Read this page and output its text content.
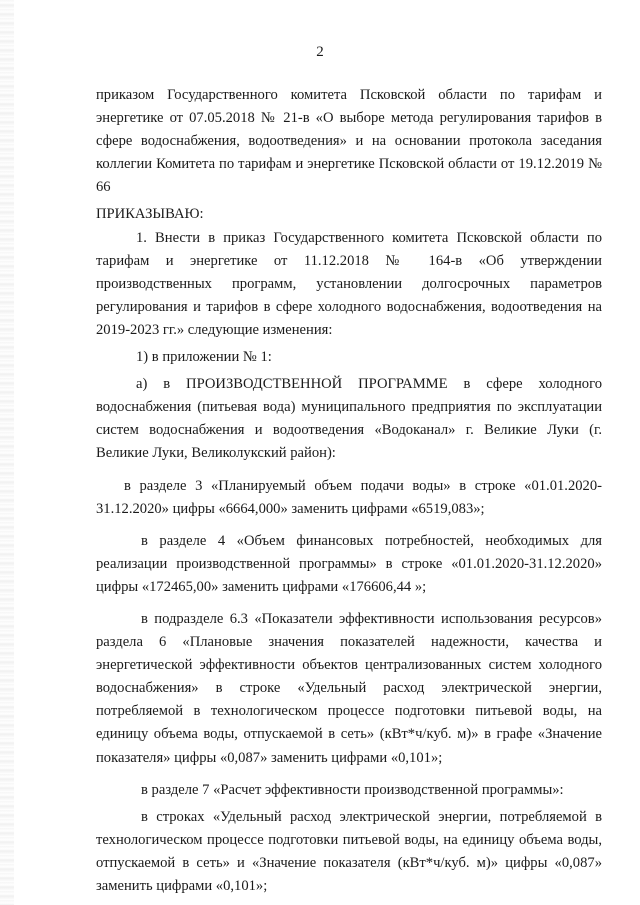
2

приказом Государственного комитета Псковской области по тарифам и энергетике от 07.05.2018 № 21-в «О выборе метода регулирования тарифов в сфере водоснабжения, водоотведения» и на основании протокола заседания коллегии Комитета по тарифам и энергетике Псковской области от 19.12.2019 № 66

ПРИКАЗЫВАЮ:

1. Внести в приказ Государственного комитета Псковской области по тарифам и энергетике от 11.12.2018 № 164-в «Об утверждении производственных программ, установлении долгосрочных параметров регулирования и тарифов в сфере холодного водоснабжения, водоотведения на 2019-2023 гг.» следующие изменения:

1) в приложении № 1:

а) в ПРОИЗВОДСТВЕННОЙ ПРОГРАММЕ в сфере холодного водоснабжения (питьевая вода) муниципального предприятия по эксплуатации систем водоснабжения и водоотведения «Водоканал» г. Великие Луки (г. Великие Луки, Великолукский район):

в разделе 3 «Планируемый объем подачи воды» в строке «01.01.2020-31.12.2020» цифры «6664,000» заменить цифрами «6519,083»;

в разделе 4 «Объем финансовых потребностей, необходимых для реализации производственной программы» в строке «01.01.2020-31.12.2020» цифры «172465,00» заменить цифрами «176606,44 »;

в подразделе 6.3 «Показатели эффективности использования ресурсов» раздела 6 «Плановые значения показателей надежности, качества и энергетической эффективности объектов централизованных систем холодного водоснабжения» в строке «Удельный расход электрической энергии, потребляемой в технологическом процессе подготовки питьевой воды, на единицу объема воды, отпускаемой в сеть» (кВт*ч/куб. м)» в графе «Значение показателя» цифры «0,087» заменить цифрами «0,101»;

в разделе 7 «Расчет эффективности производственной программы»:

в строках «Удельный расход электрической энергии, потребляемой в технологическом процессе подготовки питьевой воды, на единицу объема воды, отпускаемой в сеть» и «Значение показателя (кВт*ч/куб. м)» цифры «0,087» заменить цифрами «0,101»;
